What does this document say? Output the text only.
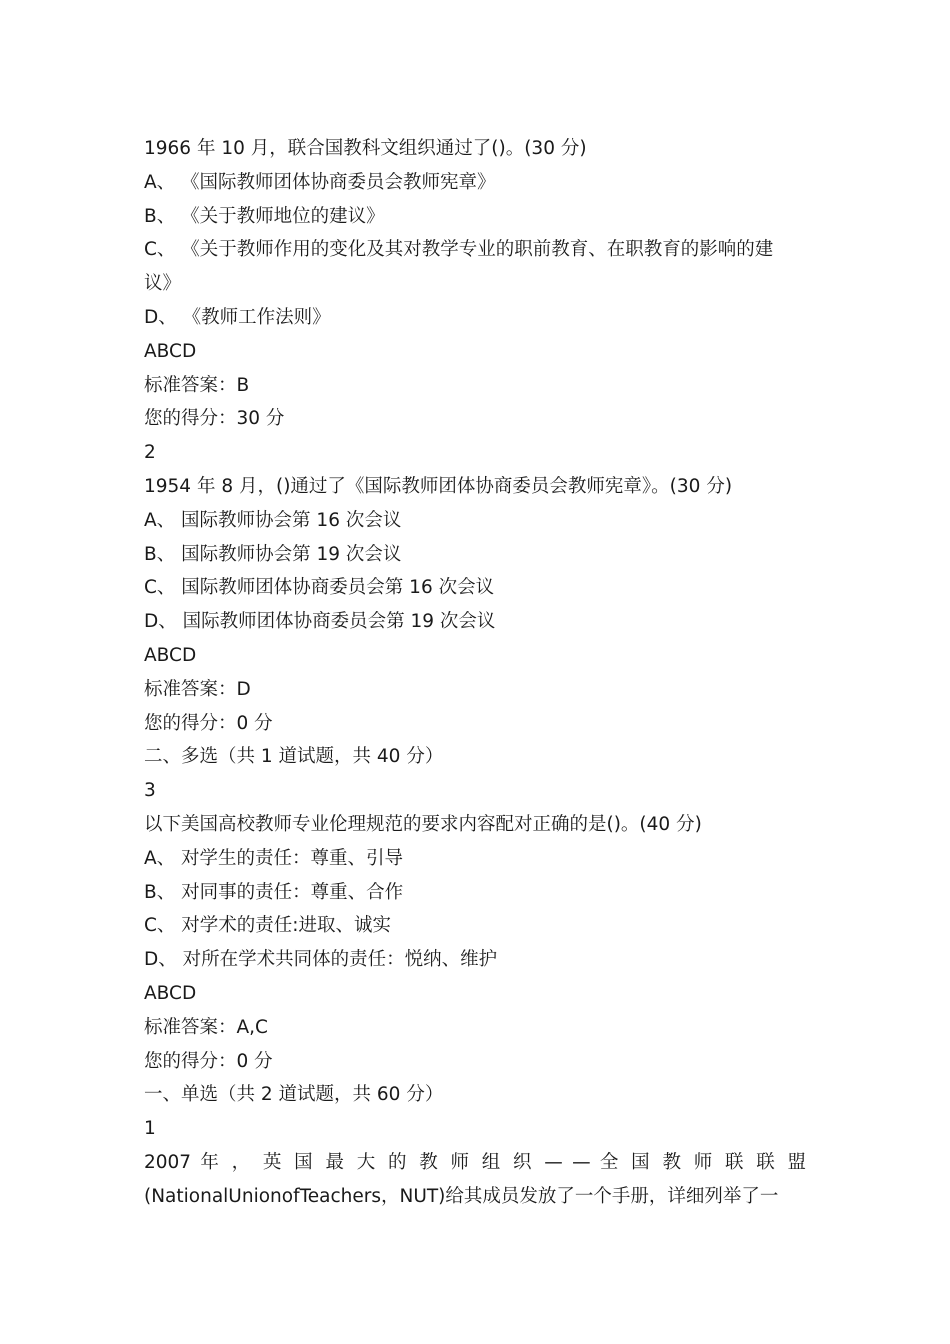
1966 年 10 月，联合国教科文组织通过了()。(30 分)

A、 《国际教师团体协商委员会教师宪章》

B、 《关于教师地位的建议》

C、 《关于教师作用的变化及其对教学专业的职前教育、在职教育的影响的建

议》

D、 《教师工作法则》

ABCD

标准答案：B

您的得分：30 分

2

1954 年 8 月，()通过了《国际教师团体协商委员会教师宪章》。(30 分)

A、 国际教师协会第 16 次会议

B、 国际教师协会第 19 次会议

C、 国际教师团体协商委员会第 16 次会议

D、 国际教师团体协商委员会第 19 次会议

ABCD

标准答案：D

您的得分：0 分

二、多选（共 1 道试题，共 40 分）

3

以下美国高校教师专业伦理规范的要求内容配对正确的是()。(40 分)

A、 对学生的责任：尊重、引导

B、 对同事的责任：尊重、合作

C、 对学术的责任:进取、诚实

D、 对所在学术共同体的责任：悦纳、维护

ABCD

标准答案：A,C

您的得分：0 分

一、单选（共 2 道试题，共 60 分）

1

2007 年 ， 英 国 最 大 的 教 师 组 织 — — 全 国 教 师 联 联 盟

(NationalUnionofTeachers，NUT)给其成员发放了一个手册，详细列举了一
